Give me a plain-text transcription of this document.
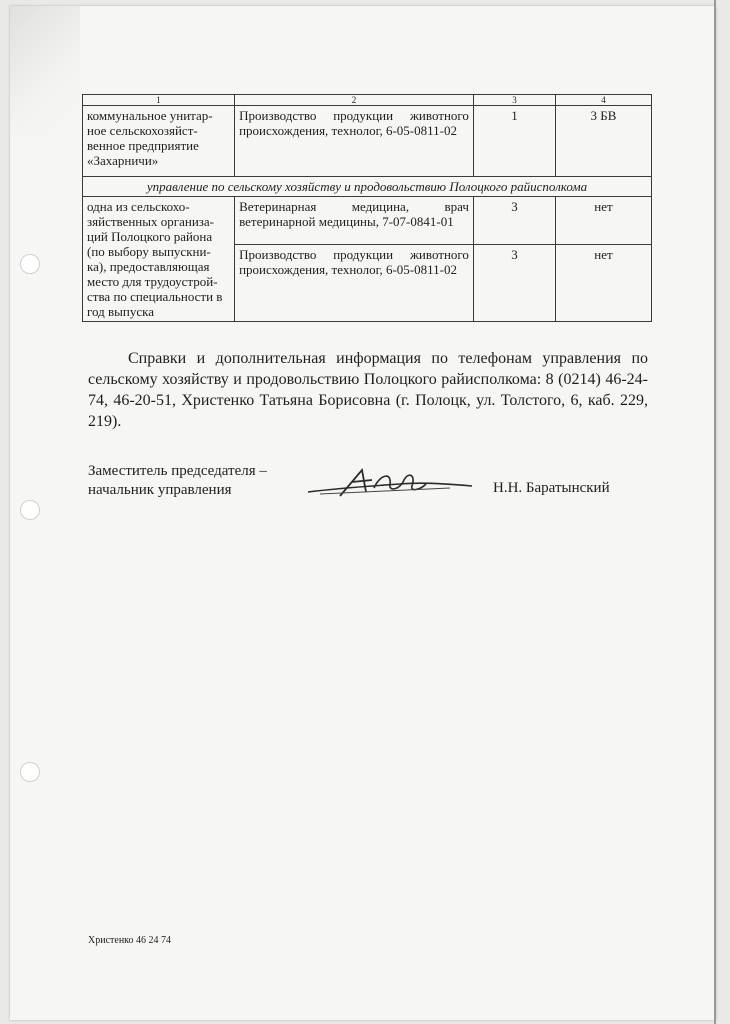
1	2	3	4
коммунальное унитар-ное сельскохозяйст-венное предприятие «Захарничи»	Производство продукции животного происхождения, технолог, 6-05-0811-02	1	3 БВ
управление по сельскому хозяйству и продовольствию Полоцкого райисполкома			
одна из сельскохо-зяйственных организа-ций Полоцкого района (по выбору выпускни-ка), предоставляющая место для трудоустрой-ства по специальности в год выпуска	Ветеринарная медицина, врач ветеринарной медицины, 7-07-0841-01	3	нет
	Производство продукции животного происхождения, технолог, 6-05-0811-02	3	нет

Справки и дополнительная информация по телефонам управления по сельскому хозяйству и продовольствию Полоцкого райисполкома: 8 (0214) 46-24-74, 46-20-51, Христенко Татьяна Борисовна (г. Полоцк, ул. Толстого, 6, каб. 229, 219).

Заместитель председателя –
начальник управления	Н.Н. Баратынский
Христенко 46 24 74
